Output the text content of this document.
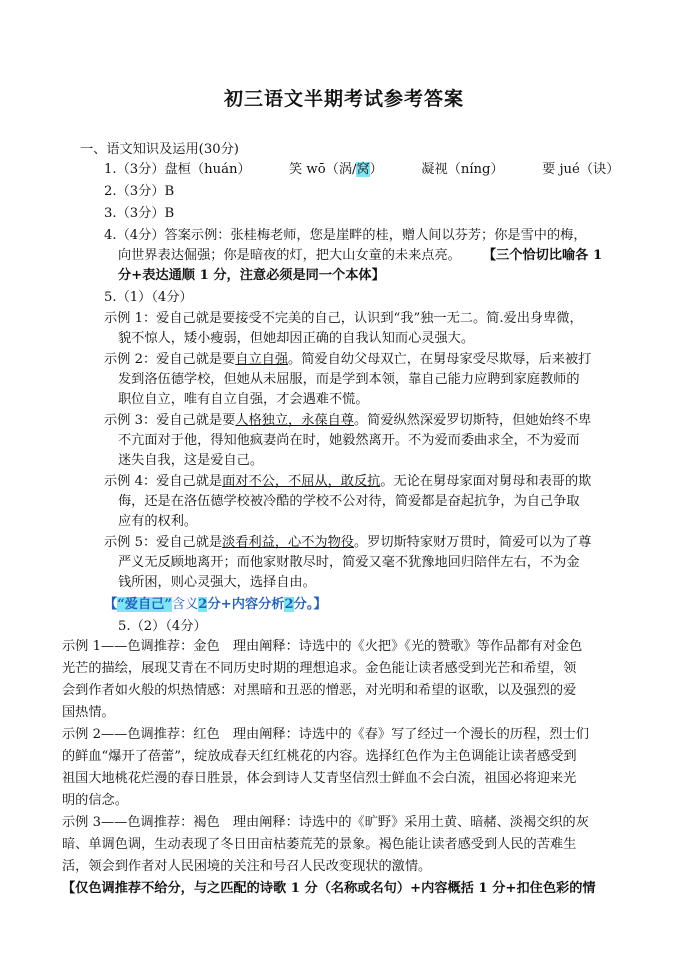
初三语文半期考试参考答案
一、语文知识及运用(30分)
1.（3分）盘桓（huán）	笑 wō（涡/窝）	凝视（níng）	要 jué（诀）
2.（3分）B
3.（3分）B
4.（4分）答案示例：张桂梅老师，您是崖畔的桂，赠人间以芬芳；你是雪中的梅，
向世界表达倔强；你是暗夜的灯，把大山女童的未来点亮。 【三个恰切比喻各 1
分+表达通顺 1 分，注意必须是同一个本体】
5.（1）（4分）
示例 1：爱自己就是要接受不完美的自己，认识到“我”独一无二。简.爱出身卑微，
貌不惊人，矮小瘦弱，但她却因正确的自我认知而心灵强大。
示例 2：爱自己就是要自立自强。简爱自幼父母双亡，在舅母家受尽欺辱，后来被打
发到洛伍德学校，但她从未屈服，而是学到本领，靠自己能力应聘到家庭教师的
职位自立，唯有自立自强，才会遇难不慌。
示例 3：爱自己就是要人格独立，永葆自尊。简爱纵然深爱罗切斯特，但她始终不卑
不亢面对于他，得知他疯妻尚在时，她毅然离开。不为爱而委曲求全，不为爱而
迷失自我，这是爱自己。
示例 4：爱自己就是面对不公，不屈从，敢反抗。无论在舅母家面对舅母和表哥的欺
侮，还是在洛伍德学校被冷酷的学校不公对待，简爱都是奋起抗争，为自己争取
应有的权利。
示例 5：爱自己就是淡看利益，心不为物役。罗切斯特家财万贯时，简爱可以为了尊
严义无反顾地离开；而他家财散尽时，简爱又毫不犹豫地回归陪伴左右，不为金
钱所困，则心灵强大，选择自由。
【“爱自己”含义2分+内容分析2分。】
5.（2）（4分）
示例 1——色调推荐：金色　理由阐释：诗选中的《火把》《光的赞歌》等作品都有对金色
光芒的描绘，展现艾青在不同历史时期的理想追求。金色能让读者感受到光芒和希望，领
会到作者如火般的炽热情感：对黑暗和丑恶的憎恶，对光明和希望的讴歌，以及强烈的爱
国热情。
示例 2——色调推荐：红色　理由阐释：诗选中的《春》写了经过一个漫长的历程，烈士们
的鲜血“爆开了蓓蕾”，绽放成春天红红桃花的内容。选择红色作为主色调能让读者感受到
祖国大地桃花烂漫的春日胜景，体会到诗人艾青坚信烈士鲜血不会白流，祖国必将迎来光
明的信念。
示例 3——色调推荐：褐色　理由阐释：诗选中的《旷野》采用土黄、暗赭、淡褐交织的灰
暗、单调色调，生动表现了冬日田亩枯萎荒芜的景象。褐色能让读者感受到人民的苦难生
活，领会到作者对人民困境的关注和号召人民改变现状的激情。
【仅色调推荐不给分，与之匹配的诗歌 1 分（名称或名句）+内容概括 1 分+扣住色彩的情
